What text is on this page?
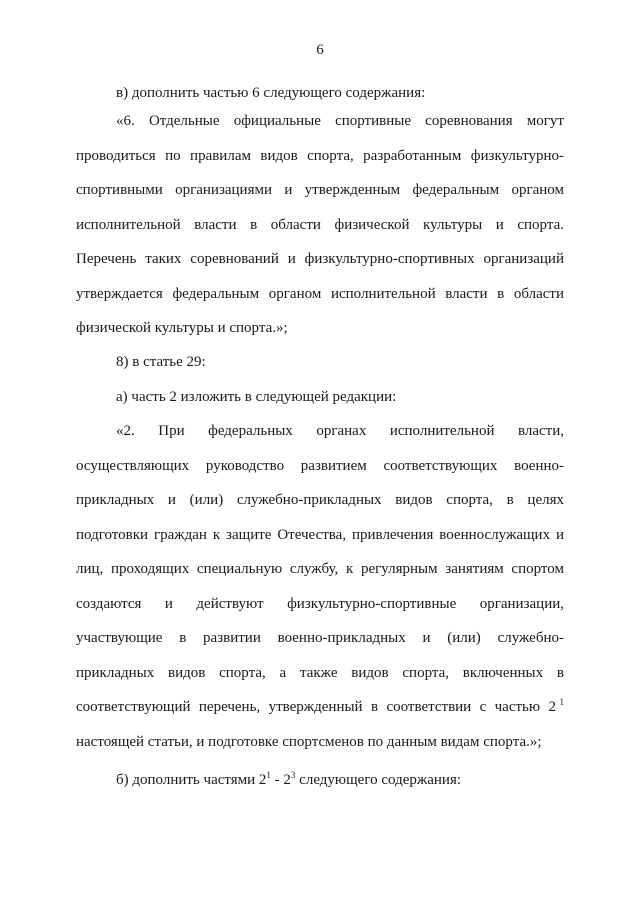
6
в) дополнить частью 6 следующего содержания:
«6. Отдельные официальные спортивные соревнования могут
проводиться по правилам видов спорта, разработанным физкультурно-
спортивными организациями и утвержденным федеральным органом
исполнительной власти в области физической культуры и спорта.
Перечень таких соревнований и физкультурно-спортивных организаций
утверждается федеральным органом исполнительной власти в области
физической культуры и спорта.»;
8) в статье 29:
а) часть 2 изложить в следующей редакции:
«2. При федеральных органах исполнительной власти,
осуществляющих руководство развитием соответствующих военно-
прикладных и (или) служебно-прикладных видов спорта, в целях
подготовки граждан к защите Отечества, привлечения военнослужащих и
лиц, проходящих специальную службу, к регулярным занятиям спортом
создаются и действуют физкультурно-спортивные организации,
участвующие в развитии военно-прикладных и (или) служебно-
прикладных видов спорта, а также видов спорта, включенных в
соответствующий перечень, утвержденный в соответствии с частью 2 1
настоящей статьи, и подготовке спортсменов по данным видам спорта.»;
б) дополнить частями $2^1 - 2^3$ следующего содержания:
